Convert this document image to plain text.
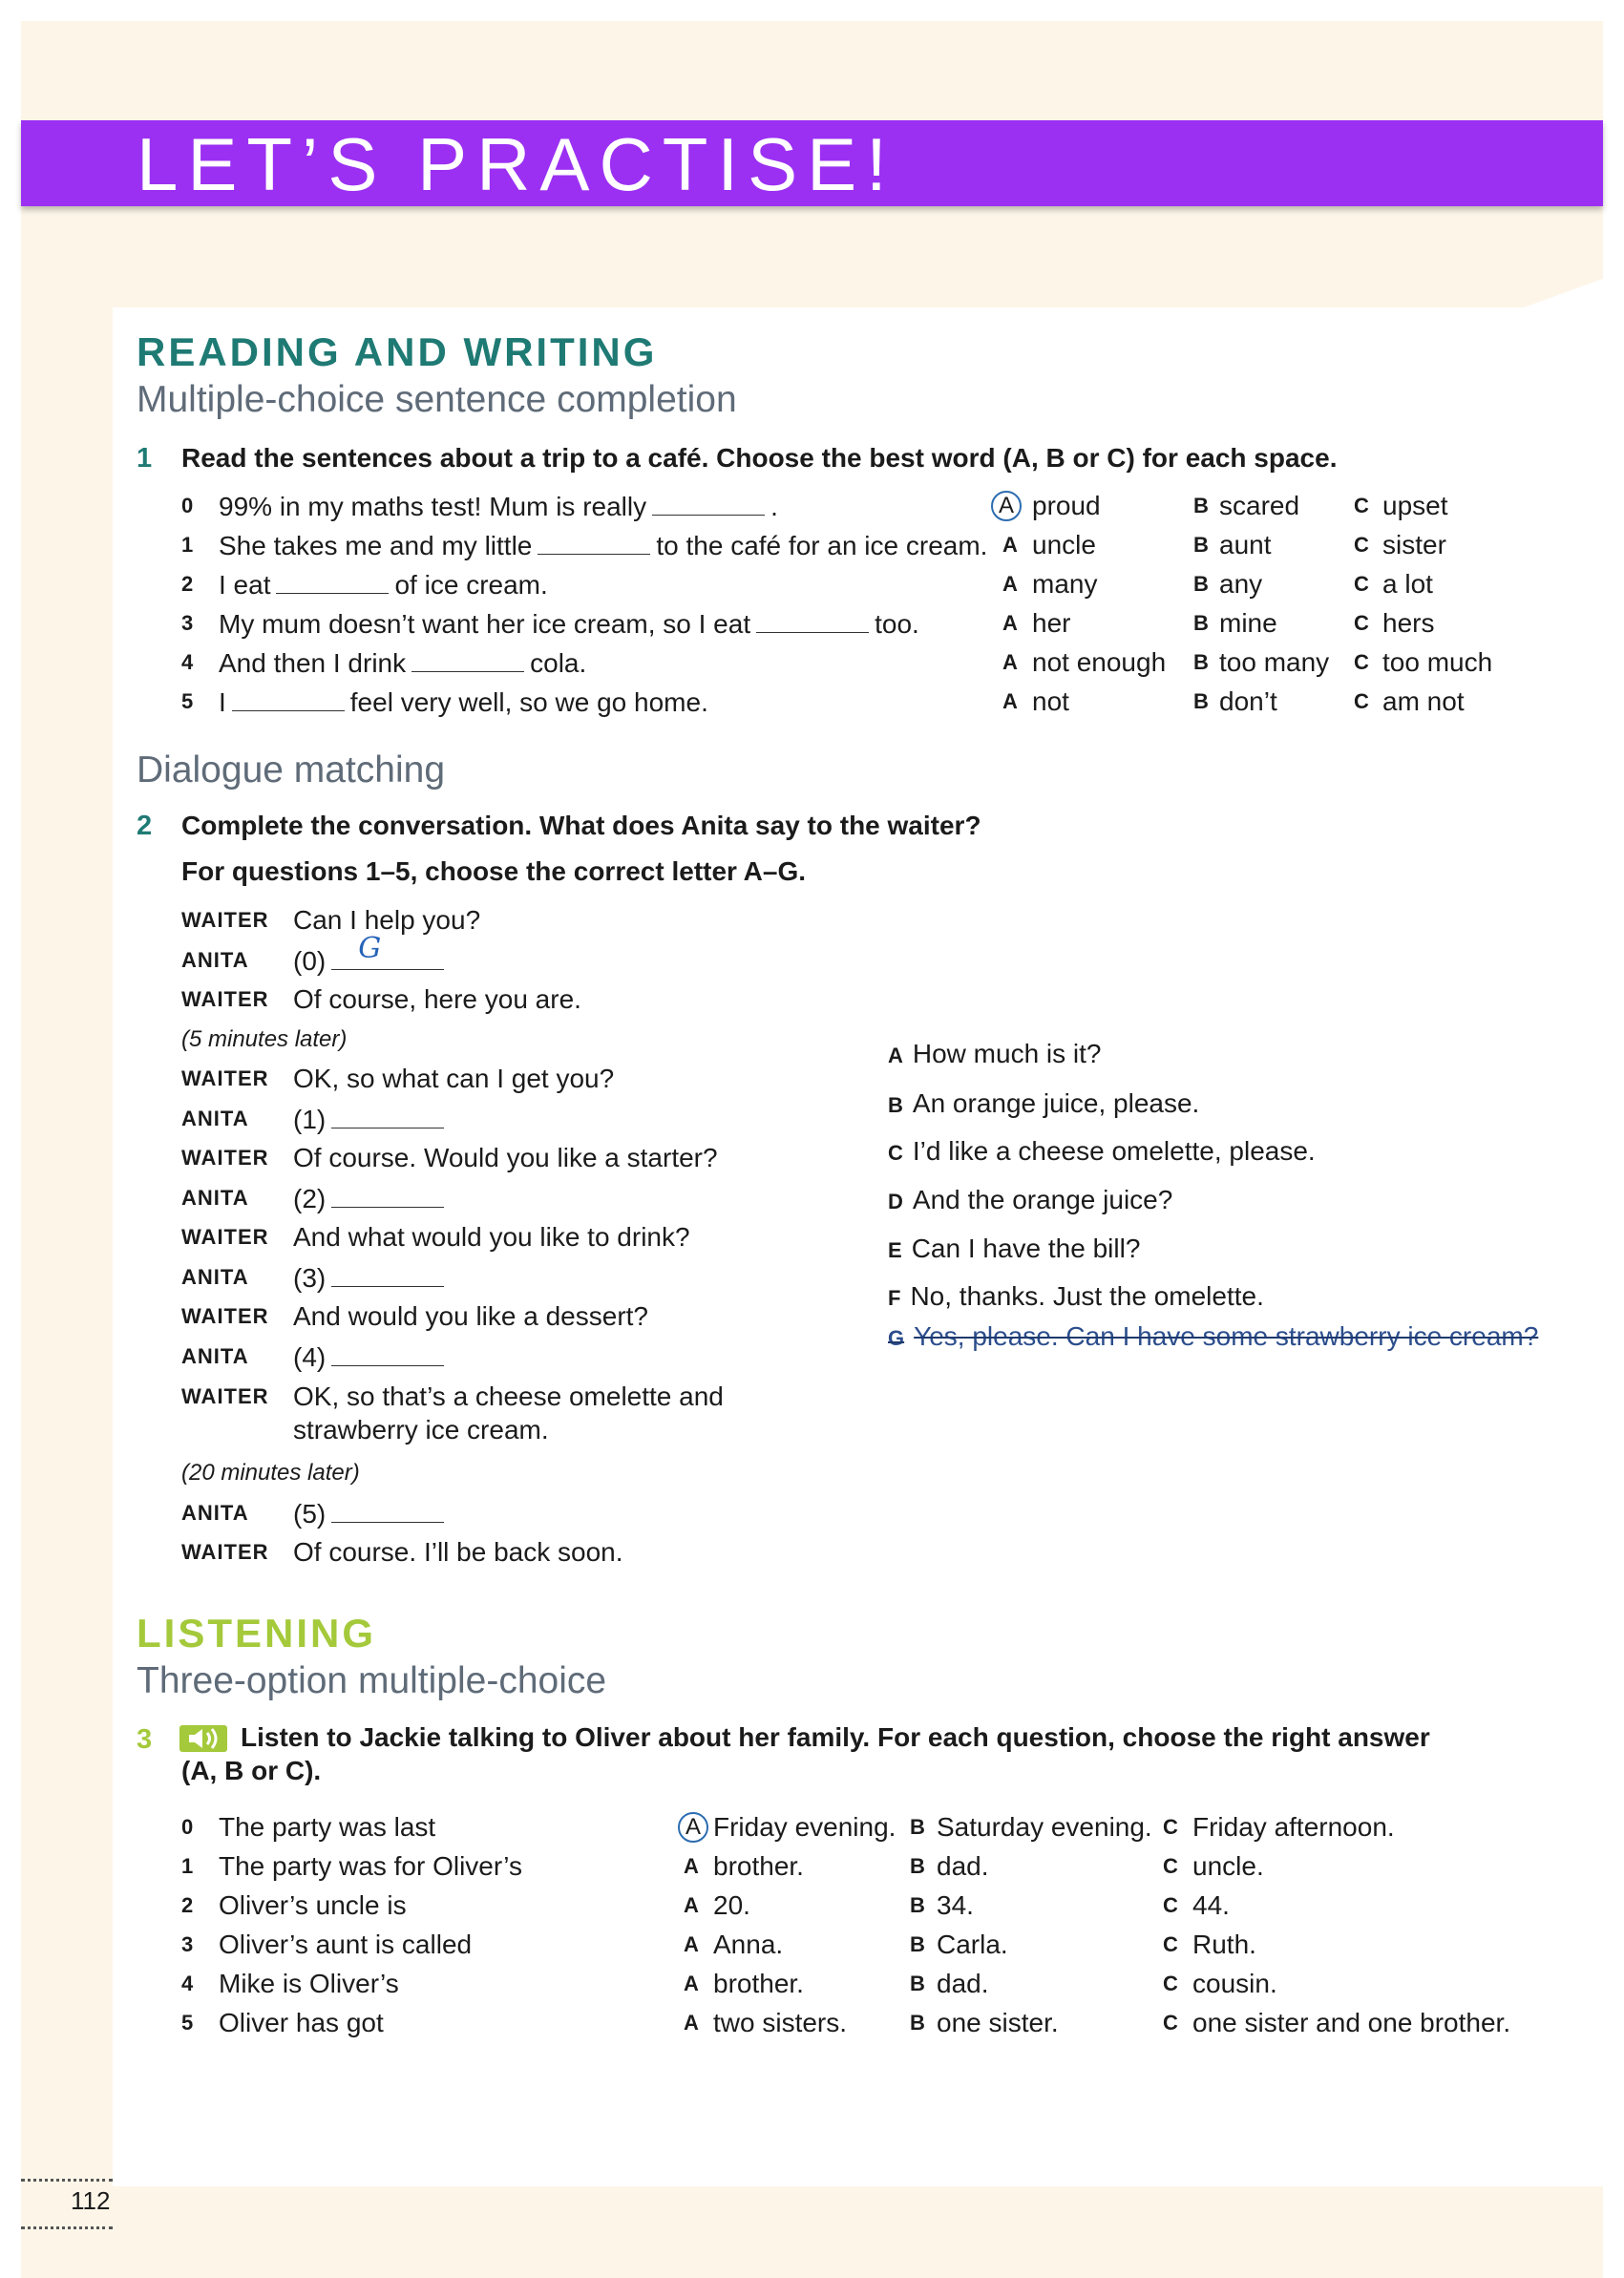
LET’S PRACTISE!
READING AND WRITING
Multiple-choice sentence completion
1 Read the sentences about a trip to a café. Choose the best word (A, B or C) for each space.
0 99% in my maths test! Mum is really	.	A proud	B scared	C upset
1 She takes me and my little	to the café for an ice cream. A uncle	B aunt	C sister
2 I eat	of ice cream.	A many	B any	C a lot
3 My mum doesn’t want her ice cream, so I eat	too.	A her	B mine	C hers
4 And then I drink	cola.	A not enough B too many C too much
5 I	feel very well, so we go home.	A not	B don’t	C am not
Dialogue matching
2 Complete the conversation. What does Anita say to the waiter?
For questions 1–5, choose the correct letter A–G.
WAITER Can I help you?
ANITA (0) G
WAITER Of course, here you are.
(5 minutes later)
WAITER OK, so what can I get you?
ANITA (1)
WAITER Of course. Would you like a starter?
ANITA (2)
WAITER And what would you like to drink?
ANITA (3)
WAITER And would you like a dessert?
ANITA (4)
WAITER OK, so that’s a cheese omelette and
strawberry ice cream.
(20 minutes later)
ANITA (5)
WAITER Of course. I’ll be back soon.
A How much is it?
B An orange juice, please.
C I’d like a cheese omelette, please.
D And the orange juice?
E Can I have the bill?
F No, thanks. Just the omelette.
G Yes, please. Can I have some strawberry ice cream?
LISTENING
Three-option multiple-choice
3	Listen to Jackie talking to Oliver about her family. For each question, choose the right answer
(A, B or C).
0 The party was last	A Friday evening. B Saturday evening. C Friday afternoon.
1 The party was for Oliver’s	A brother.	B dad.	C uncle.
2 Oliver’s uncle is	A 20.	B 34.	C 44.
3 Oliver’s aunt is called	A Anna.	B Carla.	C Ruth.
4 Mike is Oliver’s	A brother.	B dad.	C cousin.
5 Oliver has got	A two sisters.	B one sister.	C one sister and one brother.
112
